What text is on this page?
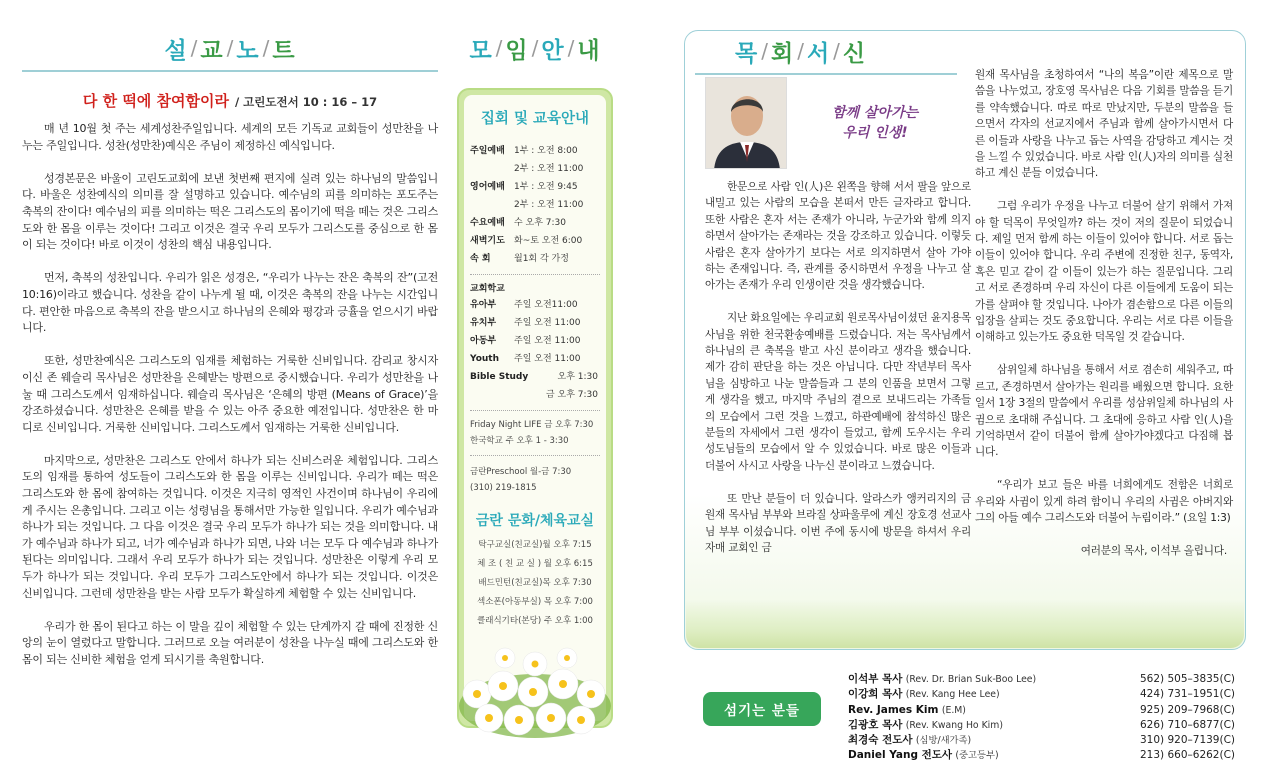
설 / 교 / 노 / 트
다 한 떡에 참여함이라 / 고린도전서 10 : 16 – 17

매 년 10월 첫 주는 세계성찬주일입니다. 세계의 모든 기독교 교회들이 성만찬을 나누는 주일입니다. 성찬(성만찬)예식은 주님이 제정하신 예식입니다.

성경본문은 바울이 고린도교회에 보낸 첫번째 편지에 실려 있는 하나님의 말씀입니다. 바울은 성찬예식의 의미를 잘 설명하고 있습니다. 예수님의 피를 의미하는 포도주는 축복의 잔이다! 예수님의 피를 의미하는 떡은 그리스도의 몸이기에 떡을 떼는 것은 그리스도와 한 몸을 이루는 것이다! 그리고 이것은 결국 우리 모두가 그리스도를 중심으로 한 몸이 되는 것이다! 바로 이것이 성찬의 핵심 내용입니다.

먼저, 축복의 성찬입니다. 우리가 읽은 성경은, “우리가 나누는 잔은 축복의 잔”(고전 10:16)이라고 했습니다. 성찬을 같이 나누게 될 때, 이것은 축복의 잔을 나누는 시간입니다. 편안한 마음으로 축복의 잔을 받으시고 하나님의 은혜와 평강과 긍휼을 얻으시기 바랍니다.

또한, 성만찬예식은 그리스도의 임재를 체험하는 거룩한 신비입니다. 감리교 창시자이신 존 웨슬리 목사님은 성만찬을 은혜받는 방편으로 중시했습니다. 우리가 성만찬을 나눌 때 그리스도께서 임재하십니다. 웨슬리 목사님은 ‘은혜의 방편 (Means of Grace)’을 강조하셨습니다. 성만찬은 은혜를 받을 수 있는 아주 중요한 예전입니다. 성만찬은 한 마디로 신비입니다. 거룩한 신비입니다. 그리스도께서 임재하는 거룩한 신비입니다.

마지막으로, 성만찬은 그리스도 안에서 하나가 되는 신비스러운 체험입니다. 그리스도의 임재를 통하여 성도들이 그리스도와 한 몸을 이루는 신비입니다. 우리가 떼는 떡은 그리스도와 한 몸에 참여하는 것입니다. 이것은 지극히 영적인 사건이며 하나님이 우리에게 주시는 은총입니다. 그리고 이는 성령님을 통해서만 가능한 일입니다. 우리가 예수님과 하나가 되는 것입니다. 그 다음 이것은 결국 우리 모두가 하나가 되는 것을 의미합니다. 내가 예수님과 하나가 되고, 너가 예수님과 하나가 되면, 나와 너는 모두 다 예수님과 하나가 된다는 의미입니다. 그래서 우리 모두가 하나가 되는 것입니다. 성만찬은 이렇게 우리 모두가 하나가 되는 것입니다. 우리 모두가 그리스도안에서 하나가 되는 것입니다. 이것은 신비입니다. 그런데 성만찬을 받는 사람 모두가 확실하게 체험할 수 있는 신비입니다.

우리가 한 몸이 된다고 하는 이 말을 깊이 체험할 수 있는 단계까지 갈 때에 진정한 신앙의 눈이 열렸다고 말합니다. 그러므로 오늘 여러분이 성찬을 나누실 때에 그리스도와 한 몸이 되는 신비한 체험을 얻게 되시기를 축원합니다.

모 / 임 / 안 / 내
집회 및 교육안내
주일예배	1부 : 오전 8:00
2부 : 오전 11:00
영어예배	1부 : 오전 9:45
2부 : 오전 11:00
수요예배	수 오후 7:30
새벽기도	화~토 오전 6:00
속 회	월1회 각 가정
교회학교
유아부	주일 오전11:00
유치부	주일 오전 11:00
아동부	주일 오전 11:00
Youth	주일 오전 11:00
Bible Study	오후 1:30
금 오후 7:30
Friday Night LIFE 금 오후 7:30
한국학교 주 오후 1 - 3:30
금란Preschool 월-금 7:30
(310) 219-1815
금란 문화/체육교실
탁구교실(친교실)월 오후 7:15
체 조 ( 친 교 실 ) 월 오후 6:15
배드민턴(친교실)목 오후 7:30
섹소폰(아동부실) 목 오후 7:00
클래식기타(본당) 주 오후 1:00
목 / 회 / 서 / 신
함께 살아가는
우리 인생!

한문으로 사람 인(人)은 왼쪽을 향해 서서 팔을 앞으로 내밀고 있는 사람의 모습을 본떠서 만든 글자라고 합니다. 또한 사람은 혼자 서는 존재가 아니라, 누군가와 함께 의지하면서 살아가는 존재라는 것을 강조하고 있습니다. 이렇듯 사람은 혼자 살아가기 보다는 서로 의지하면서 살아 가야 하는 존재입니다. 즉, 관계를 중시하면서 우정을 나누고 살아가는 존재가 우리 인생이란 것을 생각했습니다.

지난 화요일에는 우리교회 원로목사님이셨던 윤지용목사님을 위한 천국환송예배를 드렸습니다. 저는 목사님께서 하나님의 큰 축복을 받고 사신 분이라고 생각을 했습니다. 제가 감히 판단을 하는 것은 아닙니다. 다만 작년부터 목사님을 심방하고 나눈 말씀들과 그 분의 인품을 보면서 그렇게 생각을 했고, 마지막 주님의 곁으로 보내드리는 가족들의 모습에서 그런 것을 느꼈고, 하관예배에 참석하신 많은 분들의 자세에서 그런 생각이 들었고, 함께 도우시는 우리 성도님들의 모습에서 알 수 있었습니다. 바로 많은 이들과 더불어 사시고 사랑을 나누신 분이라고 느꼈습니다.

또 만난 분들이 더 있습니다. 알라스카 앵커리지의 금원재 목사님 부부와 브라질 상파울루에 계신 장호경 선교사님 부부 이셨습니다. 이번 주에 동시에 방문을 하셔서 우리 자매 교회인 금

원재 목사님을 초청하여서 “나의 복음”이란 제목으로 말씀을 나누었고, 장호영 목사님은 다음 기회를 말씀을 듣기를 약속했습니다. 따로 따로 만났지만, 두분의 말씀을 들으면서 각자의 선교지에서 주님과 함께 살아가시면서 다른 이들과 사랑을 나누고 돕는 사역을 감당하고 계시는 것을 느낄 수 있었습니다. 바로 사람 인(人)자의 의미를 실천하고 계신 분들 이었습니다.

그럼 우리가 우정을 나누고 더불어 살기 위해서 가져야 할 덕목이 무엇일까? 하는 것이 저의 질문이 되었습니다. 제일 먼저 함께 하는 이들이 있어야 합니다. 서로 돕는 이들이 있어야 합니다. 우리 주변에 진정한 친구, 동역자, 혹은 믿고 같이 갈 이들이 있는가 하는 질문입니다. 그리고 서로 존경하며 우리 자신이 다른 이들에게 도움이 되는가를 살펴야 할 것입니다. 나아가 겸손함으로 다른 이들의 입장을 살피는 것도 중요합니다. 우리는 서로 다른 이들을 이해하고 있는가도 중요한 덕목일 것 같습니다.

삼위일체 하나님을 통해서 서로 겸손히 세워주고, 따르고, 존경하면서 살아가는 원리를 배웠으면 합니다. 요한일서 1장 3절의 말씀에서 우리를 성삼위일체 하나님의 사귐으로 초대해 주십니다. 그 초대에 응하고 사람 인(人)을 기억하면서 같이 더불어 함께 살아가야겠다고 다짐해 봅니다.

“우리가 보고 들은 바를 너희에게도 전함은 너희로 우리와 사귐이 있게 하려 함이니 우리의 사귐은 아버지와 그의 아들 예수 그리스도와 더불어 누림이라.” (요일 1:3)

여러분의 목사, 이석부 올립니다.

섬기는 분들
이석부 목사 (Rev. Dr. Brian Suk-Boo Lee)	562) 505–3835(C)
이강희 목사 (Rev. Kang Hee Lee)	424) 731–1951(C)
Rev. James Kim (E.M)	925) 209–7968(C)
김광호 목사 (Rev. Kwang Ho Kim)	626) 710–6877(C)
최경숙 전도사 (심방/새가족)	310) 920–7139(C)
Daniel Yang 전도사 (중고등부)	213) 660–6262(C)
